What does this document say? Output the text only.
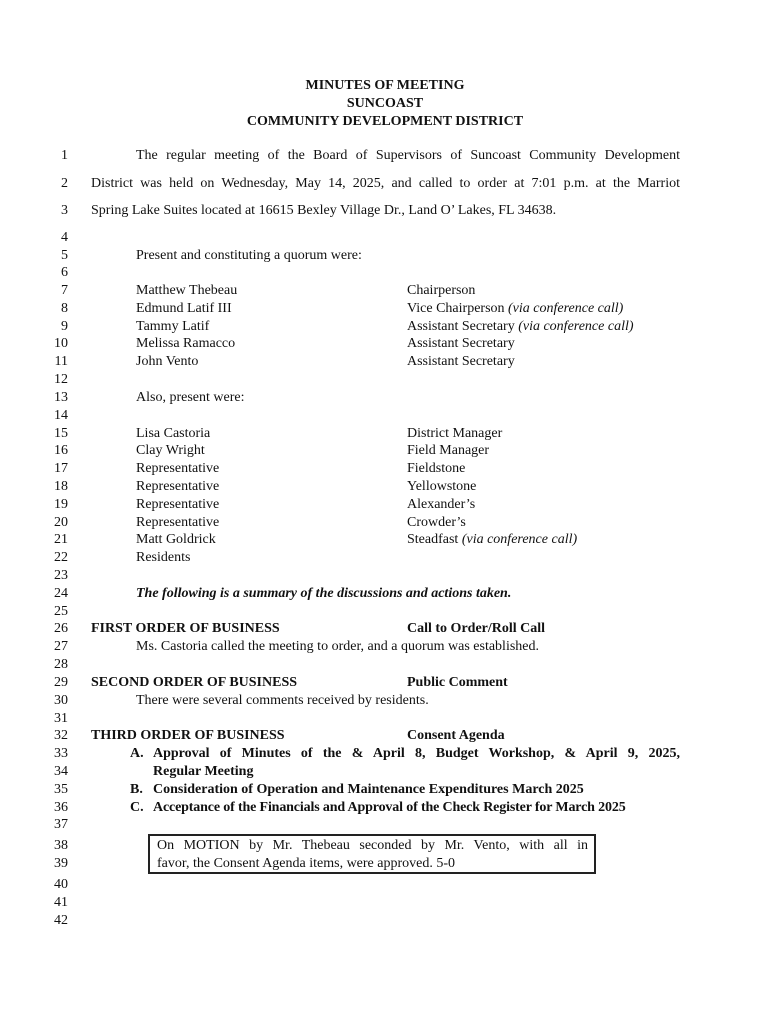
MINUTES OF MEETING
SUNCOAST
COMMUNITY DEVELOPMENT DISTRICT
1
2
3
4
5
6
7
8
9
10
11
12
13
14
15
16
17
18
19
20
21
22
23
24
25
26
27
28
29
30
31
32
33
34
35
36
37
38
39
40
41
42
The regular meeting of the Board of Supervisors of Suncoast Community Development
District was held on Wednesday, May 14, 2025, and called to order at 7:01 p.m. at the Marriot
Spring Lake Suites located at 16615 Bexley Village Dr., Land O’ Lakes, FL 34638.
Present and constituting a quorum were:
Matthew Thebeau	Chairperson
Edmund Latif III	Vice Chairperson (via conference call)
Tammy Latif	Assistant Secretary (via conference call)
Melissa Ramacco	Assistant Secretary
John Vento	Assistant Secretary
Also, present were:
Lisa Castoria	District Manager
Clay Wright	Field Manager
Representative	Fieldstone
Representative	Yellowstone
Representative	Alexander’s
Representative	Crowder’s
Matt Goldrick	Steadfast (via conference call)
Residents
The following is a summary of the discussions and actions taken.
FIRST ORDER OF BUSINESS	Call to Order/Roll Call
Ms. Castoria called the meeting to order, and a quorum was established.
SECOND ORDER OF BUSINESS	Public Comment
There were several comments received by residents.
THIRD ORDER OF BUSINESS	Consent Agenda
A. Approval of Minutes of the & April 8, Budget Workshop, & April 9, 2025,
Regular Meeting
B. Consideration of Operation and Maintenance Expenditures March 2025
C. Acceptance of the Financials and Approval of the Check Register for March 2025
On MOTION by Mr. Thebeau seconded by Mr. Vento, with all in
favor, the Consent Agenda items, were approved. 5-0
